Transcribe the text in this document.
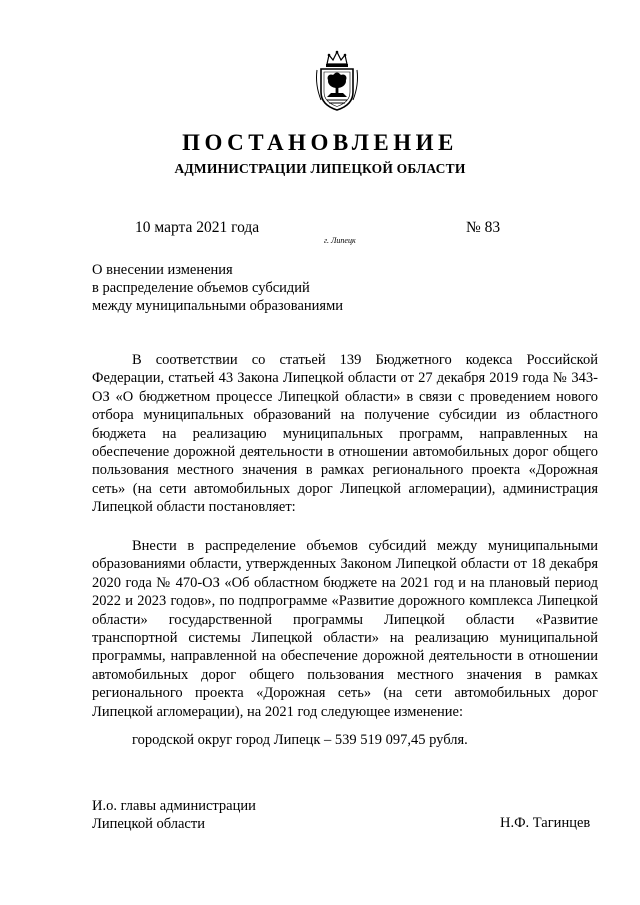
ПОСТАНОВЛЕНИЕ
АДМИНИСТРАЦИИ ЛИПЕЦКОЙ ОБЛАСТИ
10 марта 2021 года
г. Липецк
№ 83
О внесении изменения
в распределение объемов субсидий
между муниципальными образованиями

В соответствии со статьей 139 Бюджетного кодекса Российской Федерации, статьей 43 Закона Липецкой области от 27 декабря 2019 года № 343-ОЗ «О бюджетном процессе Липецкой области» в связи с проведением нового отбора муниципальных образований на получение субсидии из областного бюджета на реализацию муниципальных программ, направленных на обеспечение дорожной деятельности в отношении автомобильных дорог общего пользования местного значения в рамках регионального проекта «Дорожная сеть» (на сети автомобильных дорог Липецкой агломерации), администрация Липецкой области постановляет:

Внести в распределение объемов субсидий между муниципальными образованиями области, утвержденных Законом Липецкой области от 18 декабря 2020 года № 470-ОЗ «Об областном бюджете на 2021 год и на плановый период 2022 и 2023 годов», по подпрограмме «Развитие дорожного комплекса Липецкой области» государственной программы Липецкой области «Развитие транспортной системы Липецкой области» на реализацию муниципальной программы, направленной на обеспечение дорожной деятельности в отношении автомобильных дорог общего пользования местного значения в рамках регионального проекта «Дорожная сеть» (на сети автомобильных дорог Липецкой агломерации), на 2021 год следующее изменение:

городской округ город Липецк – 539 519 097,45 рубля.
И.о. главы администрации
Липецкой области	Н.Ф. Тагинцев
